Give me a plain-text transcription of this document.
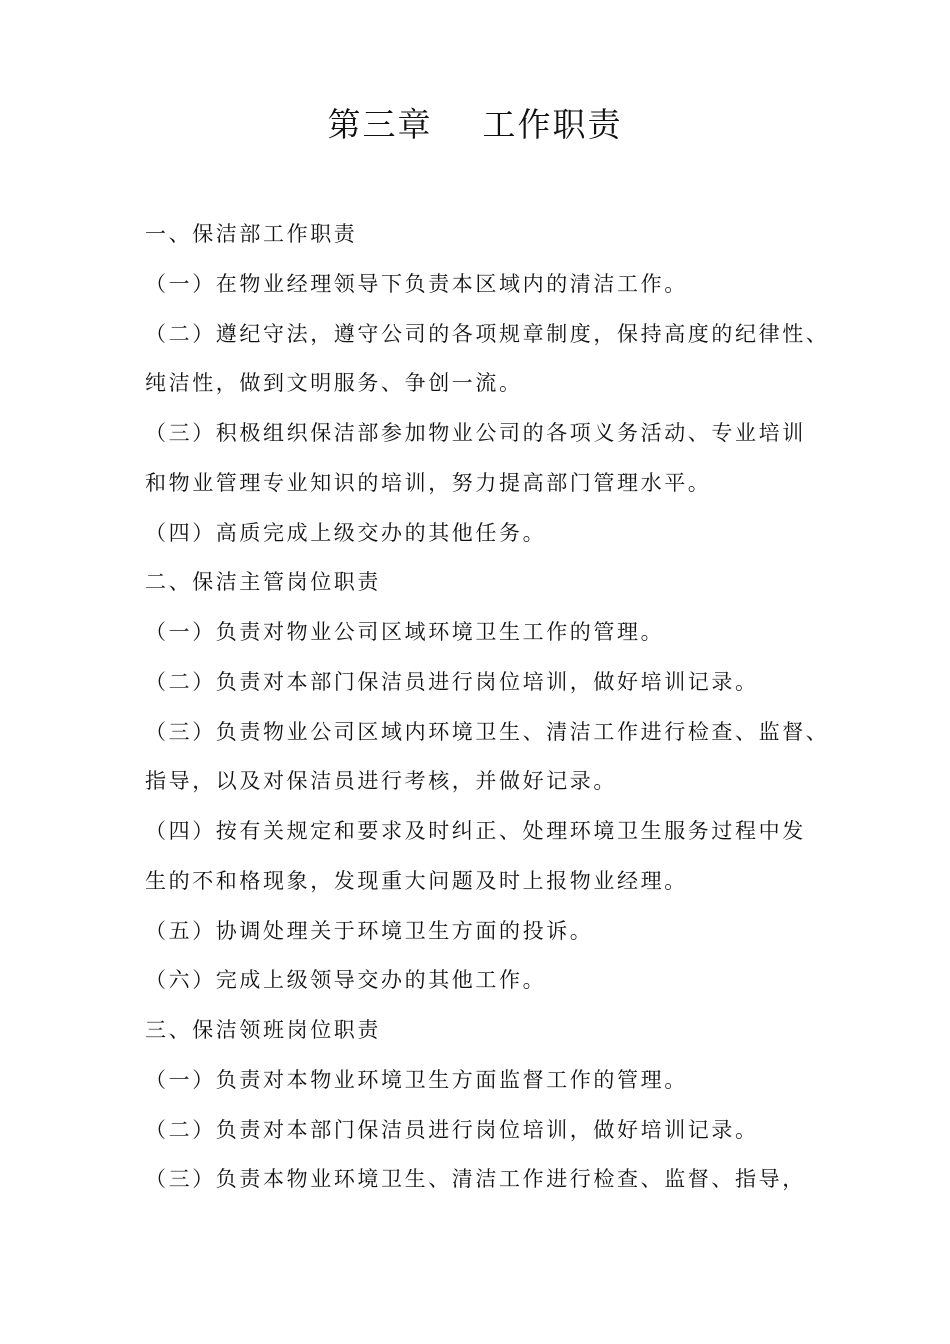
第三章    工作职责
一、保洁部工作职责
（一）在物业经理领导下负责本区域内的清洁工作。
（二）遵纪守法，遵守公司的各项规章制度，保持高度的纪律性、
纯洁性，做到文明服务、争创一流。
（三）积极组织保洁部参加物业公司的各项义务活动、专业培训
和物业管理专业知识的培训，努力提高部门管理水平。
（四）高质完成上级交办的其他任务。
二、保洁主管岗位职责
（一）负责对物业公司区域环境卫生工作的管理。
（二）负责对本部门保洁员进行岗位培训，做好培训记录。
（三）负责物业公司区域内环境卫生、清洁工作进行检查、监督、
指导，以及对保洁员进行考核，并做好记录。
（四）按有关规定和要求及时纠正、处理环境卫生服务过程中发
生的不和格现象，发现重大问题及时上报物业经理。
（五）协调处理关于环境卫生方面的投诉。
（六）完成上级领导交办的其他工作。
三、保洁领班岗位职责
（一）负责对本物业环境卫生方面监督工作的管理。
（二）负责对本部门保洁员进行岗位培训，做好培训记录。
（三）负责本物业环境卫生、清洁工作进行检查、监督、指导，
